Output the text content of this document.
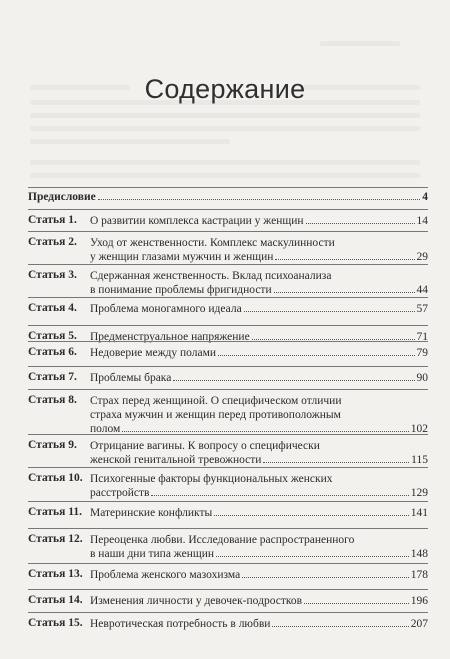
Содержание
Предисловие	4
Статья 1. О развитии комплекса кастрации у женщин	14
Статья 2. Уход от женственности. Комплекс маскулинности
у женщин глазами мужчин и женщин	29
Статья 3. Сдержанная женственность. Вклад психоанализа
в понимание проблемы фригидности	44
Статья 4. Проблема моногамного идеала	57
Статья 5. Предменструальное напряжение	71
Статья 6. Недоверие между полами	79
Статья 7. Проблемы брака	90
Статья 8. Страх перед женщиной. О специфическом отличии
страха мужчин и женщин перед противоположным
полом	102
Статья 9. Отрицание вагины. К вопросу о специфически
женской генитальной тревожности	115
Статья 10. Психогенные факторы функциональных женских
расстройств	129
Статья 11. Материнские конфликты	141
Статья 12. Переоценка любви. Исследование распространенного
в наши дни типа женщин	148
Статья 13. Проблема женского мазохизма	178
Статья 14. Изменения личности у девочек-подростков	196
Статья 15. Невротическая потребность в любви	207
